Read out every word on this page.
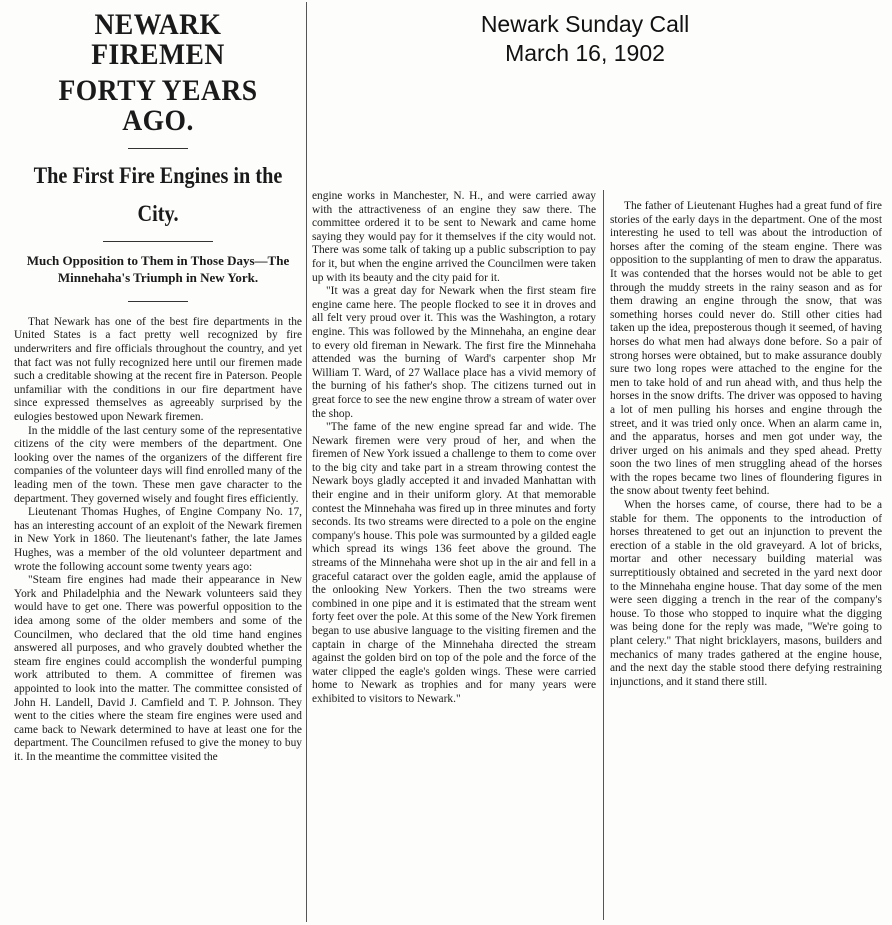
Newark Sunday Call
March 16, 1902
NEWARK FIREMEN
FORTY YEARS AGO.
The First Fire Engines in the
City.
Much Opposition to Them in Those Days—The Minnehaha's Triumph in New York.

That Newark has one of the best fire departments in the United States is a fact pretty well recognized by fire underwriters and fire officials throughout the country, and yet that fact was not fully recognized here until our firemen made such a creditable showing at the recent fire in Paterson. People unfamiliar with the conditions in our fire department have since expressed themselves as agreeably surprised by the eulogies bestowed upon Newark firemen.

In the middle of the last century some of the representative citizens of the city were members of the department. One looking over the names of the organizers of the different fire companies of the volunteer days will find enrolled many of the leading men of the town. These men gave character to the department. They governed wisely and fought fires efficiently.

Lieutenant Thomas Hughes, of Engine Company No. 17, has an interesting account of an exploit of the Newark firemen in New York in 1860. The lieutenant's father, the late James Hughes, was a member of the old volunteer department and wrote the following account some twenty years ago:

"Steam fire engines had made their appearance in New York and Philadelphia and the Newark volunteers said they would have to get one. There was powerful opposition to the idea among some of the older members and some of the Councilmen, who declared that the old time hand engines answered all purposes, and who gravely doubted whether the steam fire engines could accomplish the wonderful pumping work attributed to them. A committee of firemen was appointed to look into the matter. The committee consisted of John H. Landell, David J. Camfield and T. P. Johnson. They went to the cities where the steam fire engines were used and came back to Newark determined to have at least one for the department. The Councilmen refused to give the money to buy it. In the meantime the committee visited the

engine works in Manchester, N. H., and were carried away with the attractiveness of an engine they saw there. The committee ordered it to be sent to Newark and came home saying they would pay for it themselves if the city would not. There was some talk of taking up a public subscription to pay for it, but when the engine arrived the Councilmen were taken up with its beauty and the city paid for it.

"It was a great day for Newark when the first steam fire engine came here. The people flocked to see it in droves and all felt very proud over it. This was the Washington, a rotary engine. This was followed by the Minnehaha, an engine dear to every old fireman in Newark. The first fire the Minnehaha attended was the burning of Ward's carpenter shop Mr William T. Ward, of 27 Wallace place has a vivid memory of the burning of his father's shop. The citizens turned out in great force to see the new engine throw a stream of water over the shop.

"The fame of the new engine spread far and wide. The Newark firemen were very proud of her, and when the firemen of New York issued a challenge to them to come over to the big city and take part in a stream throwing contest the Newark boys gladly accepted it and invaded Manhattan with their engine and in their uniform glory. At that memorable contest the Minnehaha was fired up in three minutes and forty seconds. Its two streams were directed to a pole on the engine company's house. This pole was surmounted by a gilded eagle which spread its wings 136 feet above the ground. The streams of the Minnehaha were shot up in the air and fell in a graceful cataract over the golden eagle, amid the applause of the onlooking New Yorkers. Then the two streams were combined in one pipe and it is estimated that the stream went forty feet over the pole. At this some of the New York firemen began to use abusive language to the visiting firemen and the captain in charge of the Minnehaha directed the stream against the golden bird on top of the pole and the force of the water clipped the eagle's golden wings. These were carried home to Newark as trophies and for many years were exhibited to visitors to Newark."

The father of Lieutenant Hughes had a great fund of fire stories of the early days in the department. One of the most interesting he used to tell was about the introduction of horses after the coming of the steam engine. There was opposition to the supplanting of men to draw the apparatus. It was contended that the horses would not be able to get through the muddy streets in the rainy season and as for them drawing an engine through the snow, that was something horses could never do. Still other cities had taken up the idea, preposterous though it seemed, of having horses do what men had always done before. So a pair of strong horses were obtained, but to make assurance doubly sure two long ropes were attached to the engine for the men to take hold of and run ahead with, and thus help the horses in the snow drifts. The driver was opposed to having a lot of men pulling his horses and engine through the street, and it was tried only once. When an alarm came in, and the apparatus, horses and men got under way, the driver urged on his animals and they sped ahead. Pretty soon the two lines of men struggling ahead of the horses with the ropes became two lines of floundering figures in the snow about twenty feet behind.

When the horses came, of course, there had to be a stable for them. The opponents to the introduction of horses threatened to get out an injunction to prevent the erection of a stable in the old graveyard. A lot of bricks, mortar and other necessary building material was surreptitiously obtained and secreted in the yard next door to the Minnehaha engine house. That day some of the men were seen digging a trench in the rear of the company's house. To those who stopped to inquire what the digging was being done for the reply was made, "We're going to plant celery." That night bricklayers, masons, builders and mechanics of many trades gathered at the engine house, and the next day the stable stood there defying restraining injunctions, and it stand there still.
